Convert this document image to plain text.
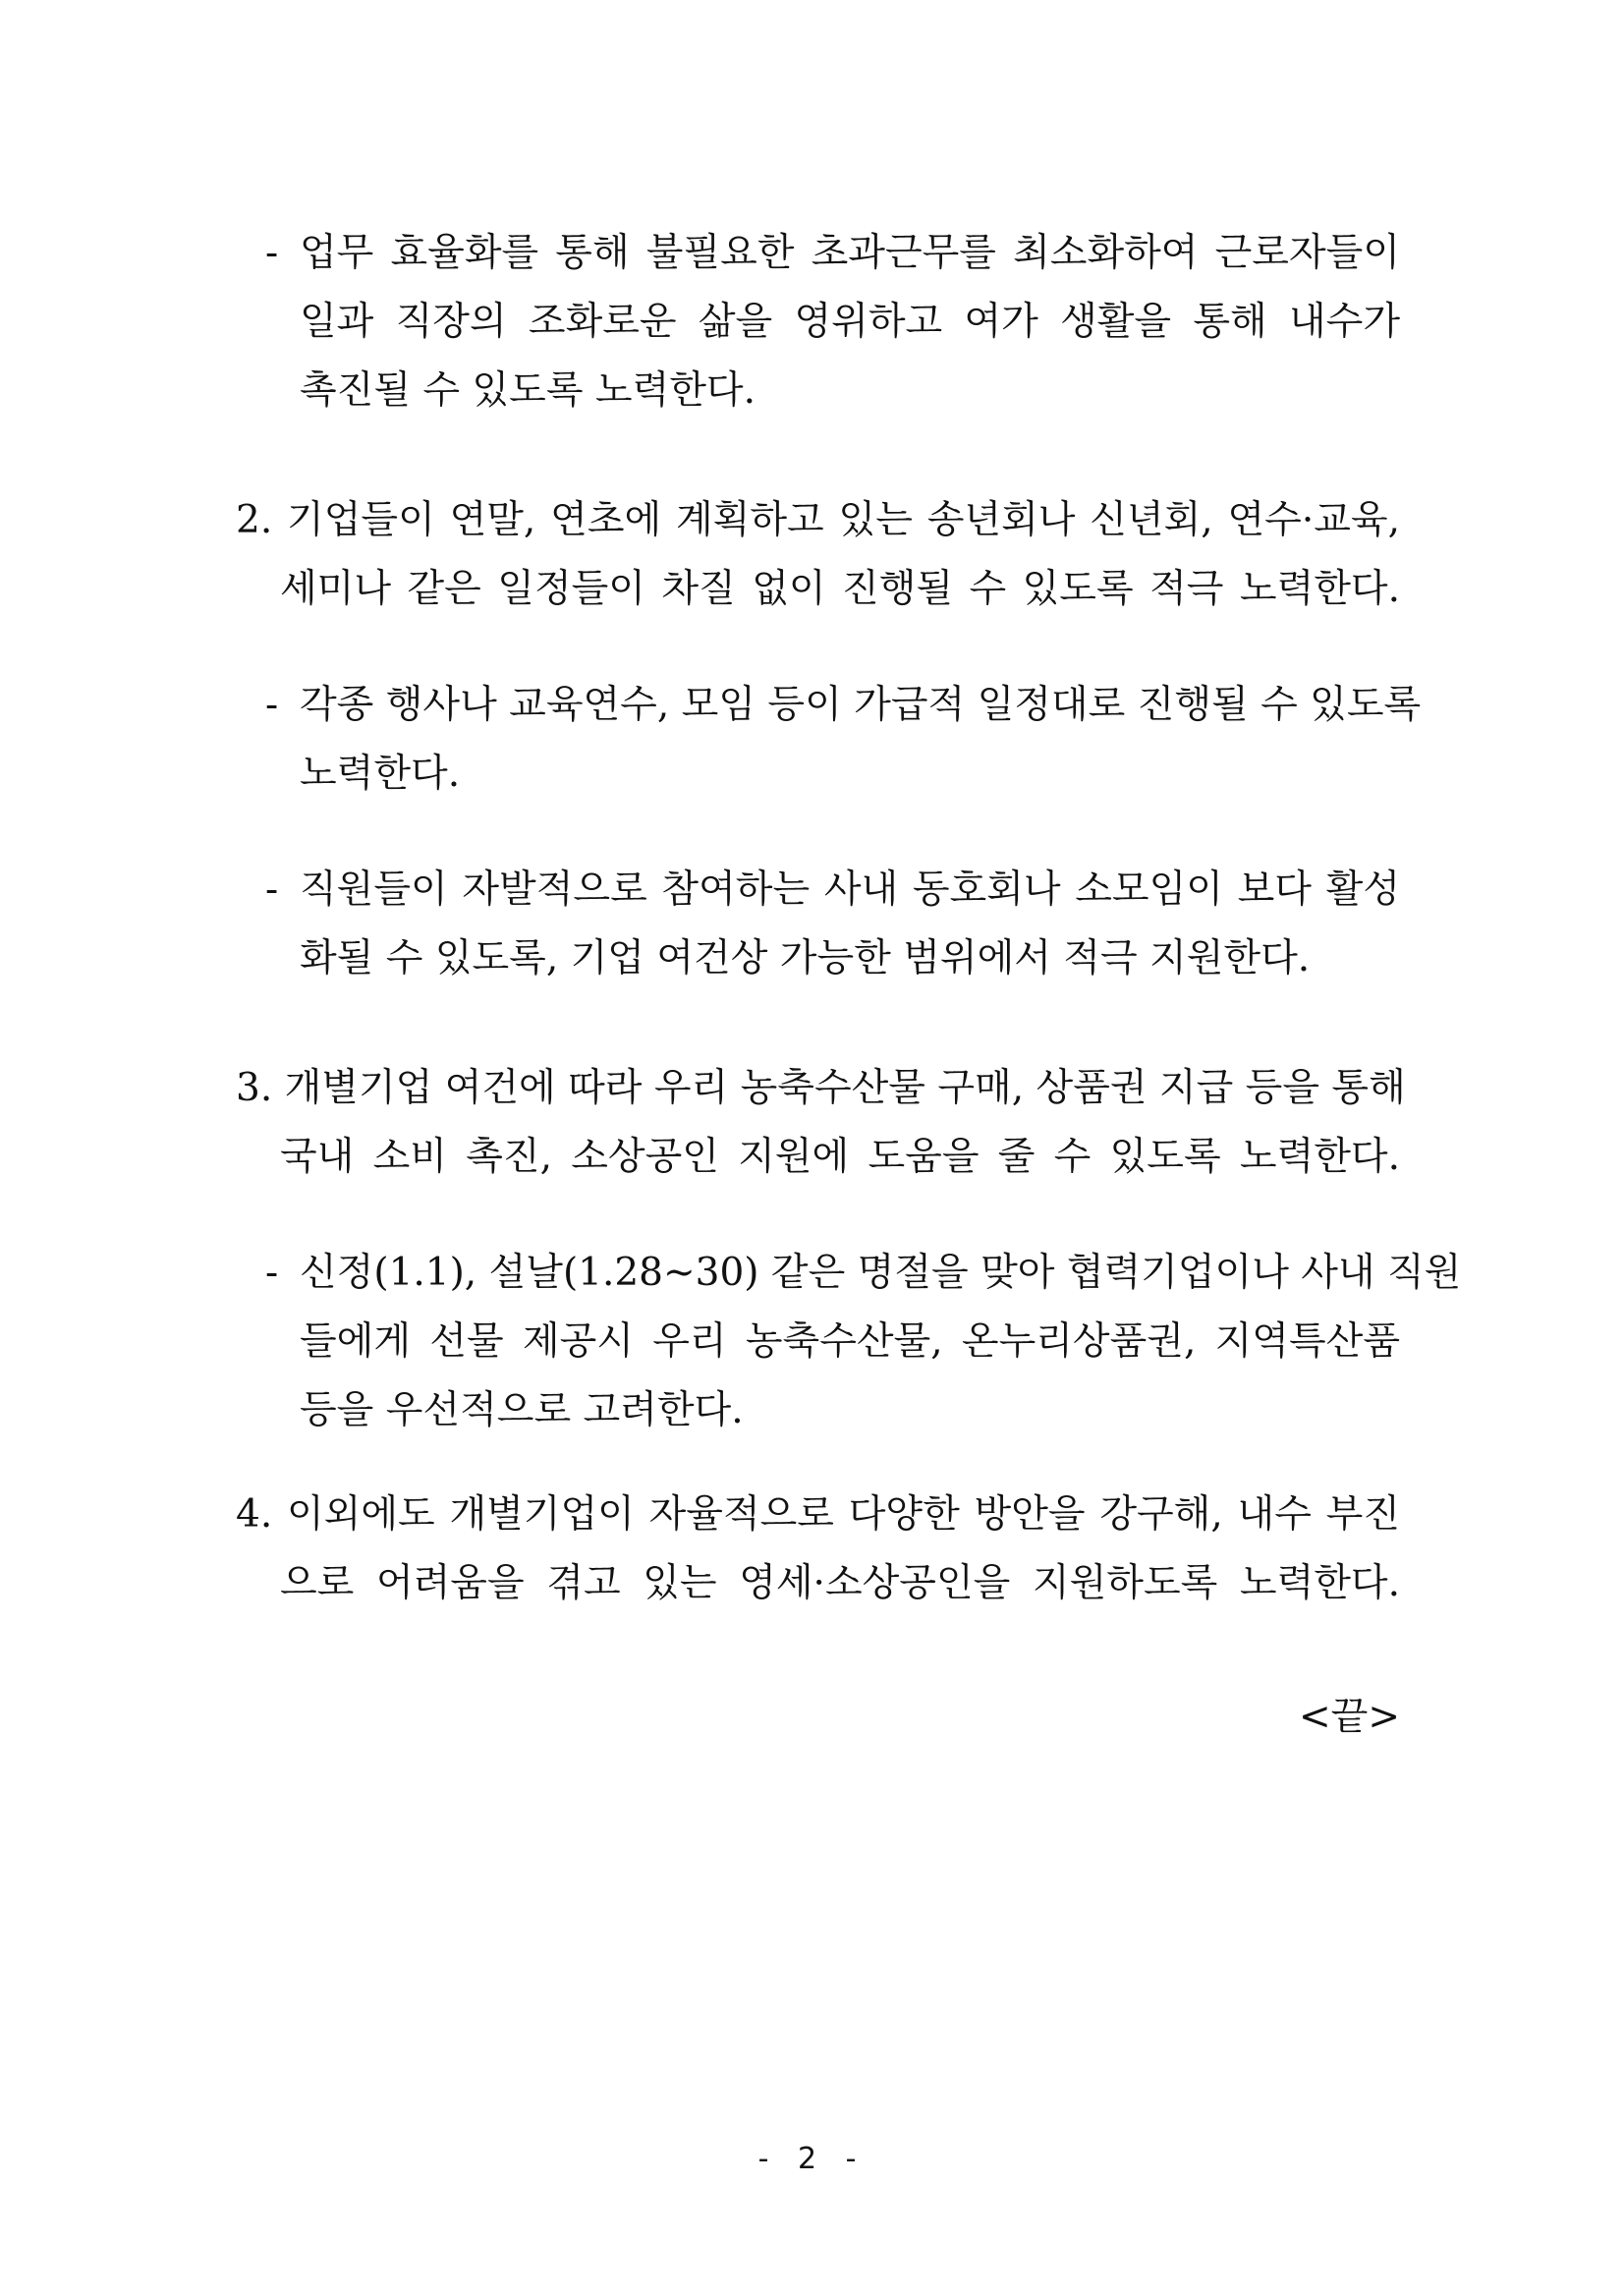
- 업무 효율화를 통해 불필요한 초과근무를 최소화하여 근로자들이
일과 직장의 조화로운 삶을 영위하고 여가 생활을 통해 내수가
촉진될 수 있도록 노력한다.
2. 기업들이 연말, 연초에 계획하고 있는 송년회나 신년회, 연수·교육,
세미나 같은 일정들이 차질 없이 진행될 수 있도록 적극 노력한다.
- 각종 행사나 교육연수, 모임 등이 가급적 일정대로 진행될 수 있도록
노력한다.
- 직원들이 자발적으로 참여하는 사내 동호회나 소모임이 보다 활성
화될 수 있도록, 기업 여건상 가능한 범위에서 적극 지원한다.
3. 개별기업 여건에 따라 우리 농축수산물 구매, 상품권 지급 등을 통해
국내 소비 촉진, 소상공인 지원에 도움을 줄 수 있도록 노력한다.
- 신정(1.1), 설날(1.28~30) 같은 명절을 맞아 협력기업이나 사내 직원
들에게 선물 제공시 우리 농축수산물, 온누리상품권, 지역특산품
등을 우선적으로 고려한다.
4. 이외에도 개별기업이 자율적으로 다양한 방안을 강구해, 내수 부진
으로 어려움을 겪고 있는 영세·소상공인을 지원하도록 노력한다.
<끝>
- 2 -
